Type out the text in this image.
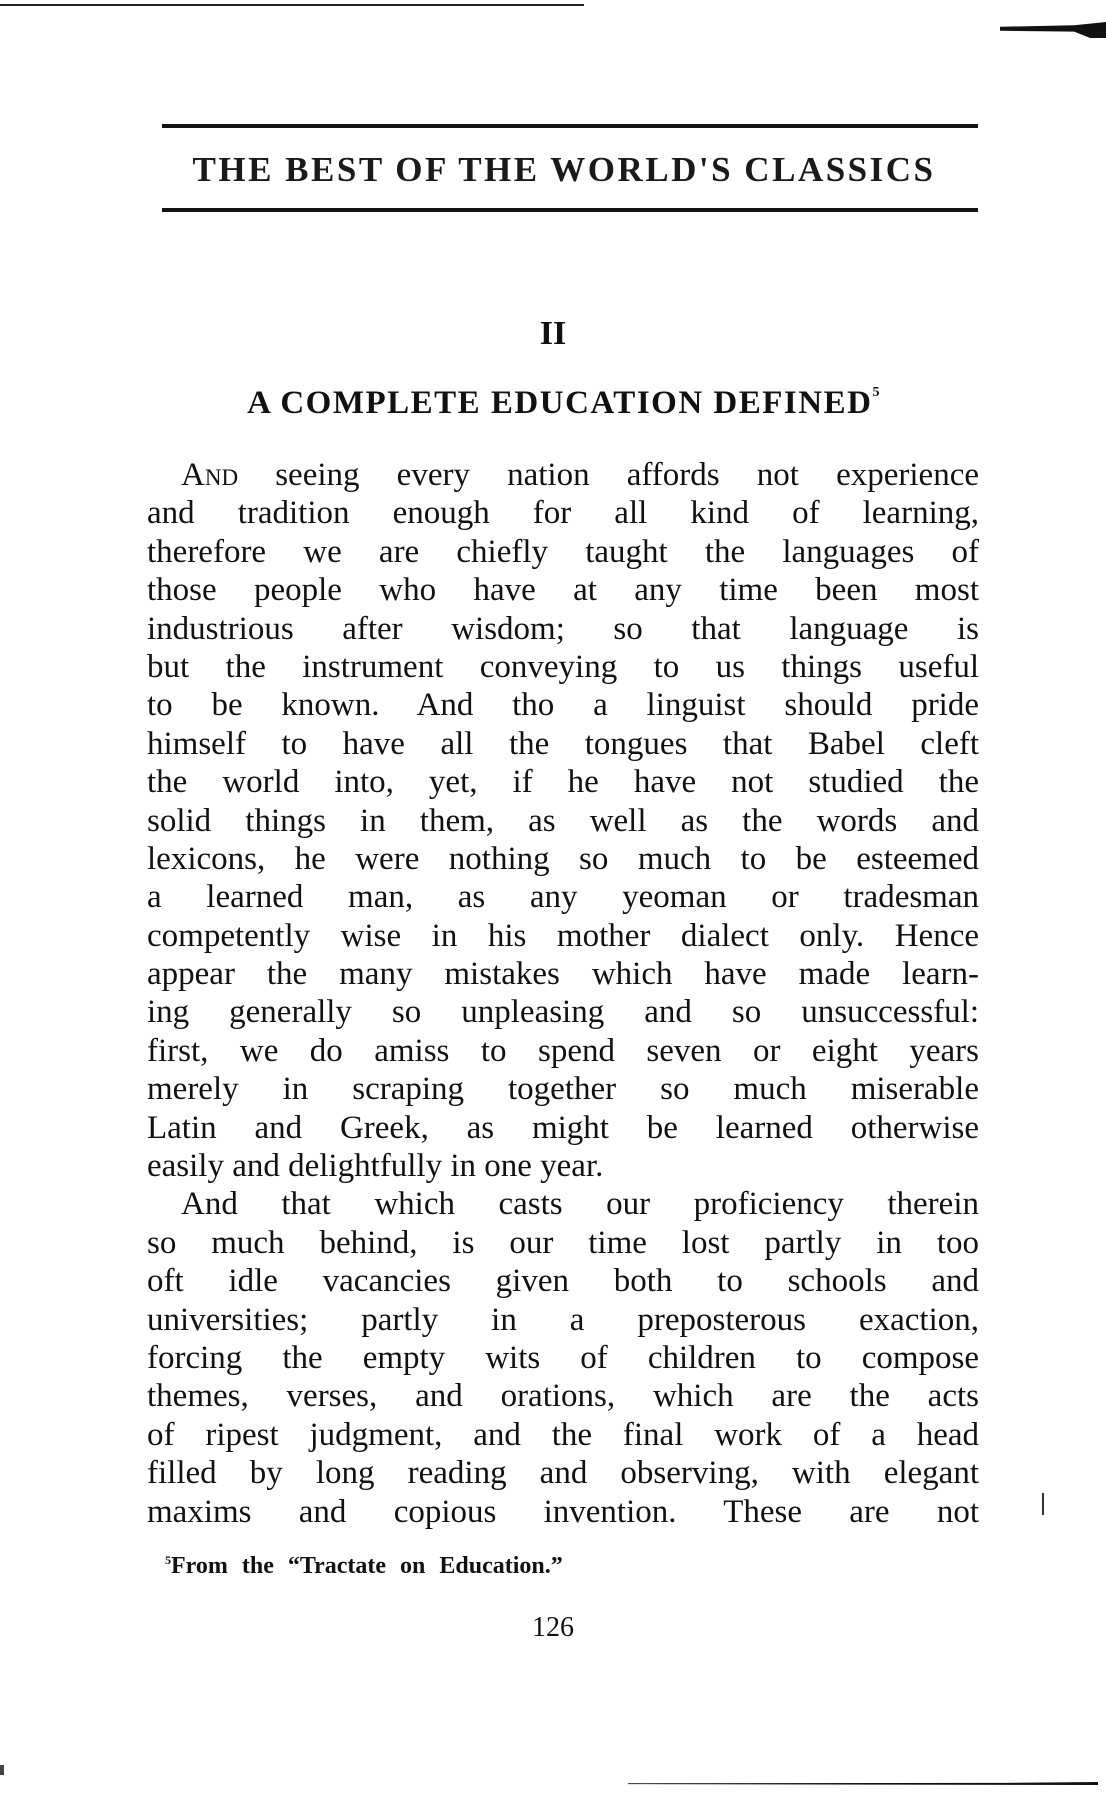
THE BEST OF THE WORLD'S CLASSICS
II
A COMPLETE EDUCATION DEFINED$^5$
And seeing every nation affords not experience
and tradition enough for all kind of learning,
therefore we are chiefly taught the languages of
those people who have at any time been most
industrious after wisdom; so that language is
but the instrument conveying to us things useful
to be known. And tho a linguist should pride
himself to have all the tongues that Babel cleft
the world into, yet, if he have not studied the
solid things in them, as well as the words and
lexicons, he were nothing so much to be esteemed
a learned man, as any yeoman or tradesman
competently wise in his mother dialect only. Hence
appear the many mistakes which have made learn-
ing generally so unpleasing and so unsuccessful:
first, we do amiss to spend seven or eight years
merely in scraping together so much miserable
Latin and Greek, as might be learned otherwise
easily and delightfully in one year.
And that which casts our proficiency therein
so much behind, is our time lost partly in too
oft idle vacancies given both to schools and
universities; partly in a preposterous exaction,
forcing the empty wits of children to compose
themes, verses, and orations, which are the acts
of ripest judgment, and the final work of a head
filled by long reading and observing, with elegant
maxims and copious invention. These are not
$^5$From the “Tractate on Education.”
126
